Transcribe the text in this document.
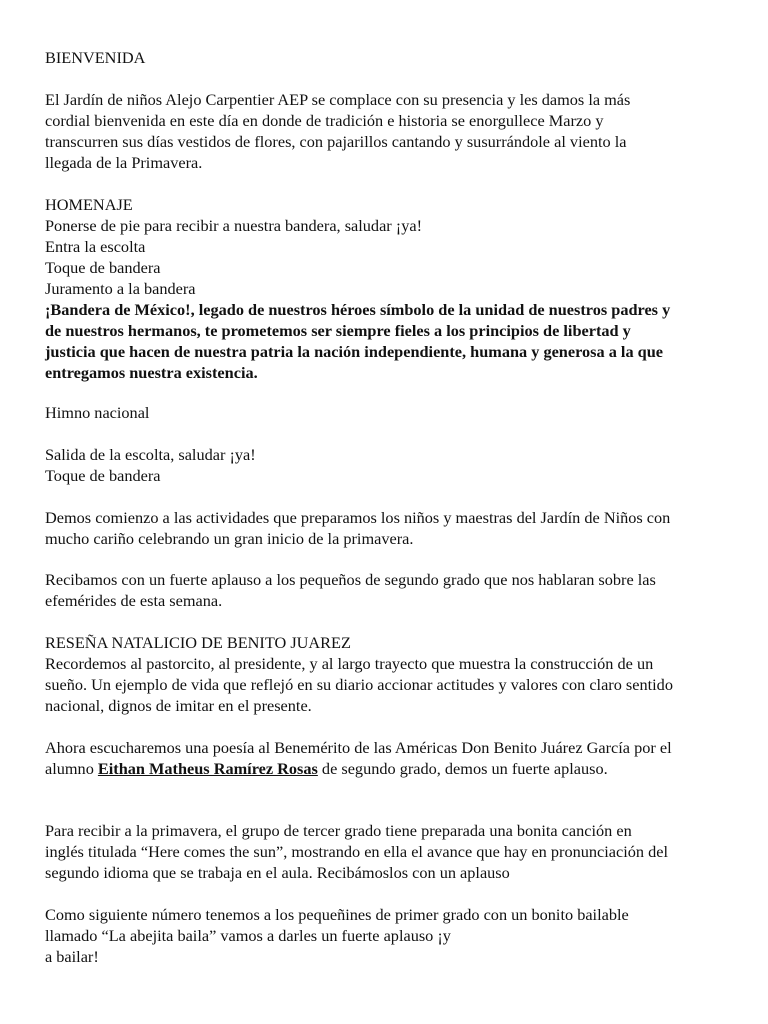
BIENVENIDA
El Jardín de niños Alejo Carpentier AEP se complace con su presencia y les damos la más
cordial bienvenida en este día en donde de tradición e historia se enorgullece Marzo y
transcurren sus días vestidos de flores, con pajarillos cantando y susurrándole al viento la
llegada de la Primavera.
HOMENAJE
Ponerse de pie para recibir a nuestra bandera, saludar ¡ya!
Entra la escolta
Toque de bandera
Juramento a la bandera
¡Bandera de México!, legado de nuestros héroes símbolo de la unidad de nuestros padres y
de nuestros hermanos, te prometemos ser siempre fieles a los principios de libertad y
justicia que hacen de nuestra patria la nación independiente, humana y generosa a la que
entregamos nuestra existencia.
Himno nacional
Salida de la escolta, saludar ¡ya!
Toque de bandera
Demos comienzo a las actividades que preparamos los niños y maestras del Jardín de Niños con
mucho cariño celebrando un gran inicio de la primavera.
Recibamos con un fuerte aplauso a los pequeños de segundo grado que nos hablaran sobre las
efemérides de esta semana.
RESEÑA NATALICIO DE BENITO JUAREZ
Recordemos al pastorcito, al presidente, y al largo trayecto que muestra la construcción de un
sueño. Un ejemplo de vida que reflejó en su diario accionar actitudes y valores con claro sentido
nacional, dignos de imitar en el presente.
Ahora escucharemos una poesía al Benemérito de las Américas Don Benito Juárez García por el
alumno Eithan Matheus Ramírez Rosas de segundo grado, demos un fuerte aplauso.
Para recibir a la primavera, el grupo de tercer grado tiene preparada una bonita canción en
inglés titulada “Here comes the sun”, mostrando en ella el avance que hay en pronunciación del
segundo idioma que se trabaja en el aula. Recibámoslos con un aplauso
Como siguiente número tenemos a los pequeñines de primer grado con un bonito bailable
llamado “La abejita baila” vamos a darles un fuerte aplauso ¡y
a bailar!
